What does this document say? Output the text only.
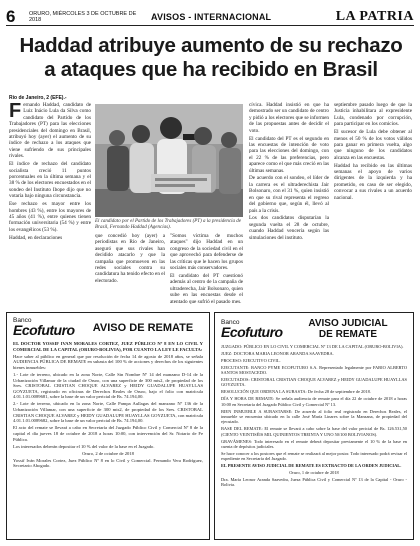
6	ORURO, MIÉRCOLES 3 DE OCTUBRE DE 2018	AVISOS - INTERNACIONAL	LA PATRIA
Haddad atribuye aumento de su rechazo a ataques que ha recibido en Brasil
Río de Janeiro, 2 (EFE).-
F ernando Haddad, candidato de Luiz Inácio Lula da Silva como candidato del Partido de los Trabajadores (PT) para las elecciones presidenciales del domingo en Brasil, atribuyó hoy (ayer) el aumento de su índice de rechazo a los ataques que viene sufriendo de sus principales rivales.

El índice de rechazo del candidato socialista creció 11 puntos porcentuales en la última semana y el 38 % de los electores encuestados en el sondeo del Instituto Ibope dijo que no votaría bajo ninguna circunstancia.

Ese rechazo es mayor entre los hombres (43 %), entre los mayores de 45 años (41 %), entre quienes tienen formación universitaria (54 %) y entre los evangélicos (53 %).

Haddad, en declaraciones

El candidato por el Partido de los Trabajadores (PT) a la presidencia de Brasil, Fernando Haddad (Agencias).

que concedió hoy (ayer) a periodistas en Río de Janeiro, aseguró que sus rivales han decidido atacarlo y que la campaña que promueven en las redes sociales contra su candidatura ha tenido efecto en el electorado.

"Somos víctima de muchos ataques" dijo Haddad en un congreso de la sociedad civil en el que aprovechó para defenderse de las críticas que le hacen los grupos sociales más conservadores.

El candidato del PT cuestionó además al centro de la campaña de ultraderecha, Jair Bolsonaro, quien sube en las encuestas desde el atentado que sufrió el pasado mes.

cívica. Haddad insistió en que ha demostrado ser un candidato de centro y pidió a los electores que se informen de las propuestas antes de decidir el voto.

El candidato del PT es el segundo en las encuestas de intención de voto para las elecciones del domingo, con el 22 % de las preferencias, pero aparece como el que más creció en las últimas semanas.

De acuerdo con el sondeo, el líder de la carrera es el ultraderechista Jair Bolsonaro, con el 31 %, quien insistió en que su rival representa el regreso del gobierno que, según él, llevó al país a la crisis.

Los dos candidatos disputarían la segunda vuelta el 28 de octubre, cuando Haddad vencería según las simulaciones del instituto.

septiembre pasado luego de que la Justicia inhabilitara al expresidente Lula, condenado por corrupción, para participar en los comicios.

El sucesor de Lula debe obtener al menos el 50 % de los votos válidos para ganar en primera vuelta, algo que ninguno de los candidatos alcanza en las encuestas.

Haddad ha recibido en las últimas semanas el apoyo de varios dirigentes de la izquierda y ha prometido, en caso de ser elegido, convocar a sus rivales a un acuerdo nacional.

Banco
Ecofuturo	AVISO DE REMATE

EL DOCTOR YOSSIF IVAN MORALES CORTEZ, JUEZ PÚBLICO Nº 8 EN LO CIVIL Y COMERCIAL DE LA CAPITAL (ORURO-BOLIVIA), POR CUANTO LA LEY LE FACULTA:

Hace saber al público en general que por resolución de fecha 14 de agosto de 2018 años, se señala AUDIENCIA PÚBLICA DE REMATE en subasta del 100 % de acciones y derechos de los siguientes bienes inmuebles:

1.- Lote de terreno, ubicado en la zona Norte, Calle Sin Nombre Nº 14 del manzano D-14 de la Urbanización Villamar de la ciudad de Oruro, con una superficie de 300 mts2, de propiedad de los Sres. CRISTOBAL CRISTIAN CHOQUE ALVAREZ y HEIDY GUADALUPE HUAYLLAS GOYZUETA, registrado en oficinas de Derechos Reales de Oruro, bajo el folio con matrícula 4.01.1.01.0089681, sobre la base de un valor pericial de Bs. 74.194,00.

2.- Lote de terreno, ubicado en la zona Norte, Calle Pampa Aullagas del manzano Nº 136 de la Urbanización Villamar, con una superficie de 300 mts2, de propiedad de los Sres. CRISTOBAL CRISTIAN CHOQUE ALVAREZ y HEIDY GUADALUPE HUAYLLAS GOYZUETA, con matrícula 4.01.1.01.0089682, sobre la base de un valor pericial de Bs. 74.194,00.

El acto del remate se llevará a cabo en Secretaría del Juzgado Público Civil y Comercial Nº 8 de la capital el día jueves 18 de octubre de 2018 a horas 10:00, con intervención del Sr. Notario de Fe Pública.

Los interesados deberán depositar el 10 % del valor de la base en el Juzgado.

Oruro, 2 de octubre de 2018

Yossif Iván Morales Cortez, Juez Público Nº 8 en lo Civil y Comercial. Fernando Vera Rodríguez, Secretario Abogado.

Banco
Ecofuturo	AVISO JUDICIAL
DE REMATE

JUZGADO: PÚBLICO EN LO CIVIL Y COMERCIAL Nº 13 DE LA CAPITAL (ORURO-BOLIVIA).

JUEZ: DOCTORA MARIA LEONOR ARANDA SAAVEDRA.

PROCESO: EJECUTIVO CIVIL.

EJECUTANTE: BANCO PYME ECOFUTURO S.A. Representado legalmente por FABIO ALBERTO SANTOS MOSTACEDO.

EJECUTADOS: CRISTOBAL CRISTIAN CHOQUE ALVAREZ y HEIDY GUADALUPE HUAYLLAS GOYZUETA.

RESOLUCIÓN QUE ORDENA LA SUBASTA: De fecha 28 de septiembre de 2018.

DÍA Y HORA DE REMATE: Se señala audiencia de remate para el día 22 de octubre de 2018 a horas 10:00 en Secretaría del Juzgado Público Civil y Comercial Nº 13.

BIEN INMUEBLE A SUBASTARSE: De acuerdo al folio real registrado en Derechos Reales, el inmueble se encuentra ubicado en la calle José María Linares sobre la Manzana, de propiedad del ejecutado.

BASE DEL REMATE: El remate se llevará a cabo sobre la base del valor pericial de Bs. 126.531,50 (CIENTO VEINTISÉIS MIL QUINIENTOS TREINTA Y UNO 50/100 BOLIVIANOS).

GRAVÁMENES: Todo interesado en el remate deberá depositar previamente el 10 % de la base en cuenta de depósitos judiciales.

Se hace conocer a los postores que el remate se realizará al mejor postor. Todo interesado podrá revisar el expediente en Secretaría del Juzgado.

EL PRESENTE AVISO JUDICIAL DE REMATE ES EXTRACTO DE LA ORDEN JUDICIAL.

Oruro, 1 de octubre de 2018

Dra. María Leonor Aranda Saavedra, Jueza Pública Civil y Comercial Nº 13 de la Capital - Oruro - Bolivia.
